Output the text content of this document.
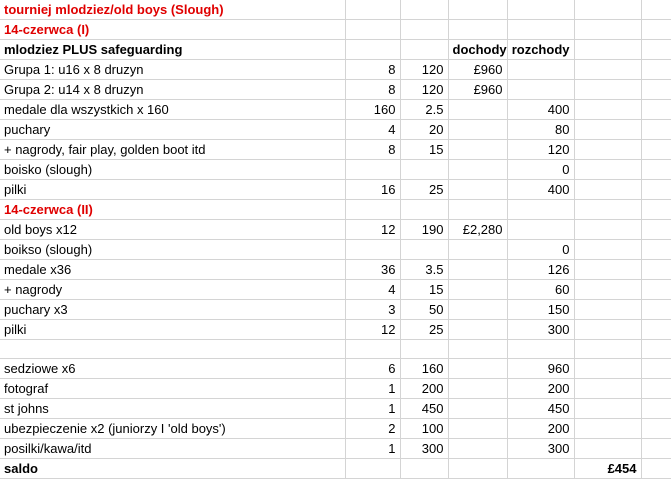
tourniej mlodziez/old boys (Slough)						
14-czerwca (I)						
mlodziez PLUS safeguarding			dochody	rozchody		
Grupa 1: u16 x 8 druzyn	8	120	£960			
Grupa 2: u14 x 8 druzyn	8	120	£960			
medale dla wszystkich x 160	160	2.5		400		
puchary	4	20		80		
+ nagrody, fair play, golden boot itd	8	15		120		
boisko (slough)				0		
pilki	16	25		400		
14-czerwca (II)						
old boys x12	12	190	£2,280			
boikso (slough)				0		
medale x36	36	3.5		126		
+ nagrody	4	15		60		
puchary x3	3	50		150		
pilki	12	25		300		

sedziowe x6	6	160		960		
fotograf	1	200		200		
st johns	1	450		450		
ubezpieczenie x2 (juniorzy I 'old boys')	2	100		200		
posilki/kawa/itd	1	300		300		
saldo					£454	
